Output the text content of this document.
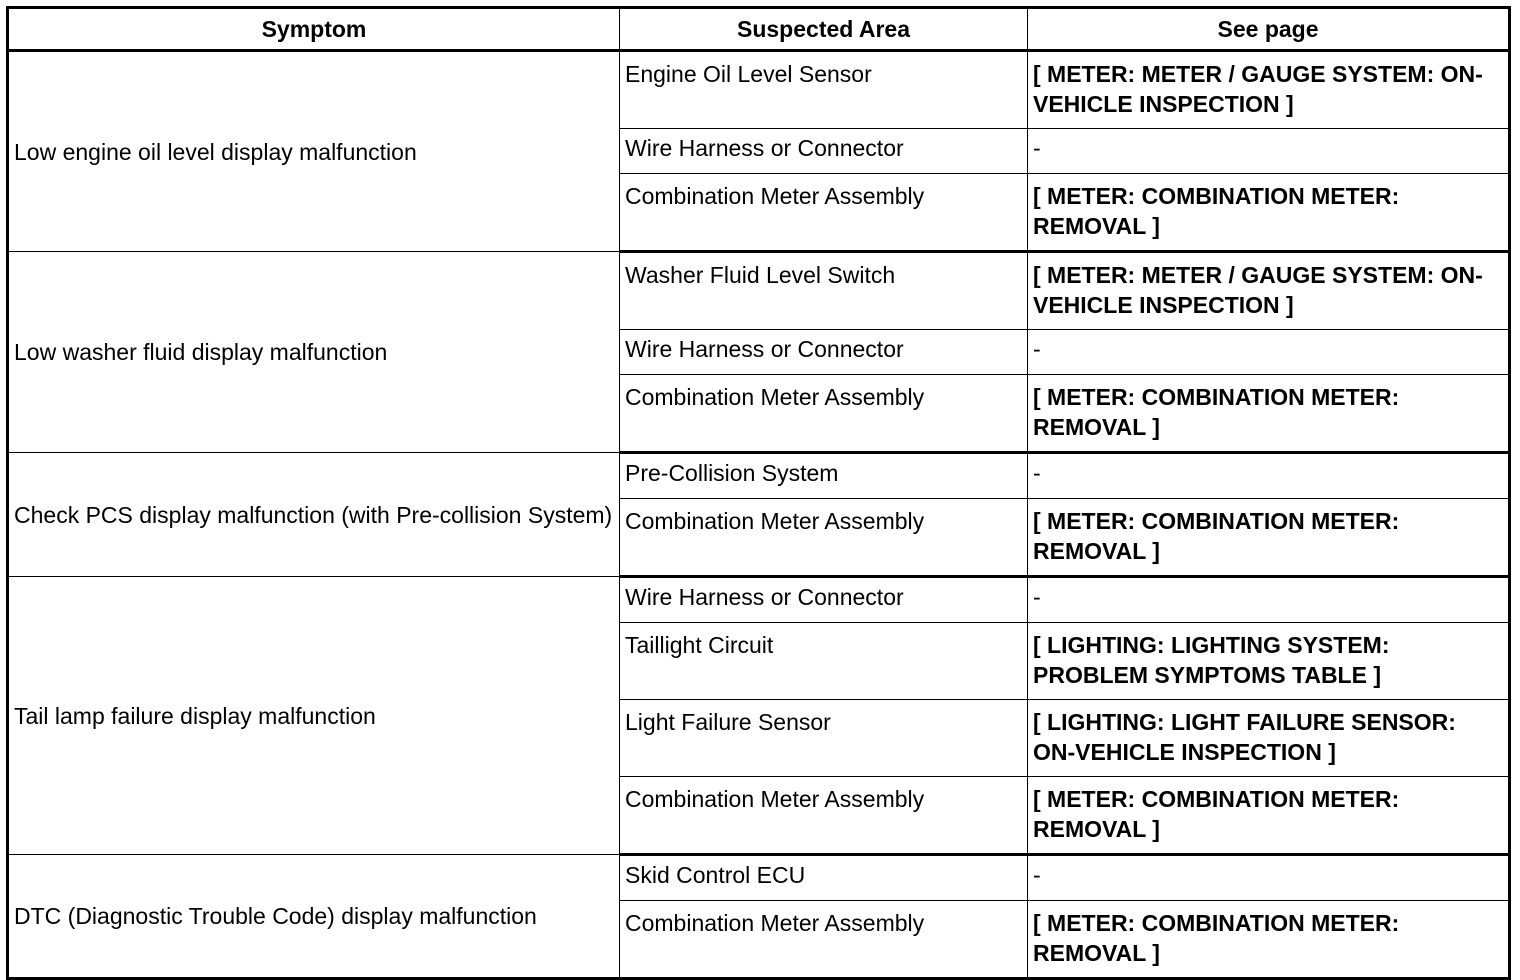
Symptom	Suspected Area	See page
Low engine oil level display malfunction	Engine Oil Level Sensor	[ METER: METER / GAUGE SYSTEM: ON-VEHICLE INSPECTION ]
	Wire Harness or Connector	-
	Combination Meter Assembly	[ METER: COMBINATION METER: REMOVAL ]
Low washer fluid display malfunction	Washer Fluid Level Switch	[ METER: METER / GAUGE SYSTEM: ON-VEHICLE INSPECTION ]
	Wire Harness or Connector	-
	Combination Meter Assembly	[ METER: COMBINATION METER: REMOVAL ]
Check PCS display malfunction (with Pre-collision System)	Pre-Collision System	-
	Combination Meter Assembly	[ METER: COMBINATION METER: REMOVAL ]
Tail lamp failure display malfunction	Wire Harness or Connector	-
	Taillight Circuit	[ LIGHTING: LIGHTING SYSTEM: PROBLEM SYMPTOMS TABLE ]
	Light Failure Sensor	[ LIGHTING: LIGHT FAILURE SENSOR: ON-VEHICLE INSPECTION ]
	Combination Meter Assembly	[ METER: COMBINATION METER: REMOVAL ]
DTC (Diagnostic Trouble Code) display malfunction	Skid Control ECU	-
	Combination Meter Assembly	[ METER: COMBINATION METER: REMOVAL ]
